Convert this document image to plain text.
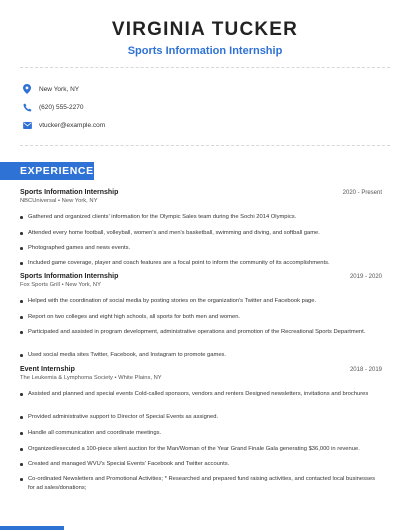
VIRGINIA TUCKER
Sports Information Internship
New York, NY
(620) 555-2270
vtucker@example.com
EXPERIENCE
Sports Information Internship	2020 - Present
NBCUniversal • New York, NY
Gathered and organized clients' information for the Olympic Sales team during the Sochi 2014 Olympics.
Attended every home football, volleyball, women's and men's basketball, swimming and diving, and softball game.
Photographed games and news events.
Included game coverage, player and coach features are a focal point to inform the community of its accomplishments.
Sports Information Internship	2019 - 2020
Fox Sports Grill • New York, NY
Helped with the coordination of social media by posting stories on the organization's Twitter and Facebook page.
Report on two colleges and eight high schools, all sports for both men and women.
Participated and assisted in program development, administrative operations and promotion of the Recreational Sports Department.
Used social media sites Twitter, Facebook, and Instagram to promote games.
Event Internship	2018 - 2019
The Leukemia & Lymphoma Society • White Plains, NY
Assisted and planned and special events Cold-called sponsors, vendors and renters Designed newsletters, invitations and brochures
Provided administrative support to Director of Special Events as assigned.
Handle all communication and coordinate meetings.
Organized/executed a 100-piece silent auction for the Man/Woman of the Year Grand Finale Gala generating $36,000 in revenue.
Created and managed WVU's Special Events' Facebook and Twitter accounts.
Co-ordinated Newsletters and Promotional Activities; * Researched and prepared fund raising activities, and contacted local businesses for ad sales/donations;
